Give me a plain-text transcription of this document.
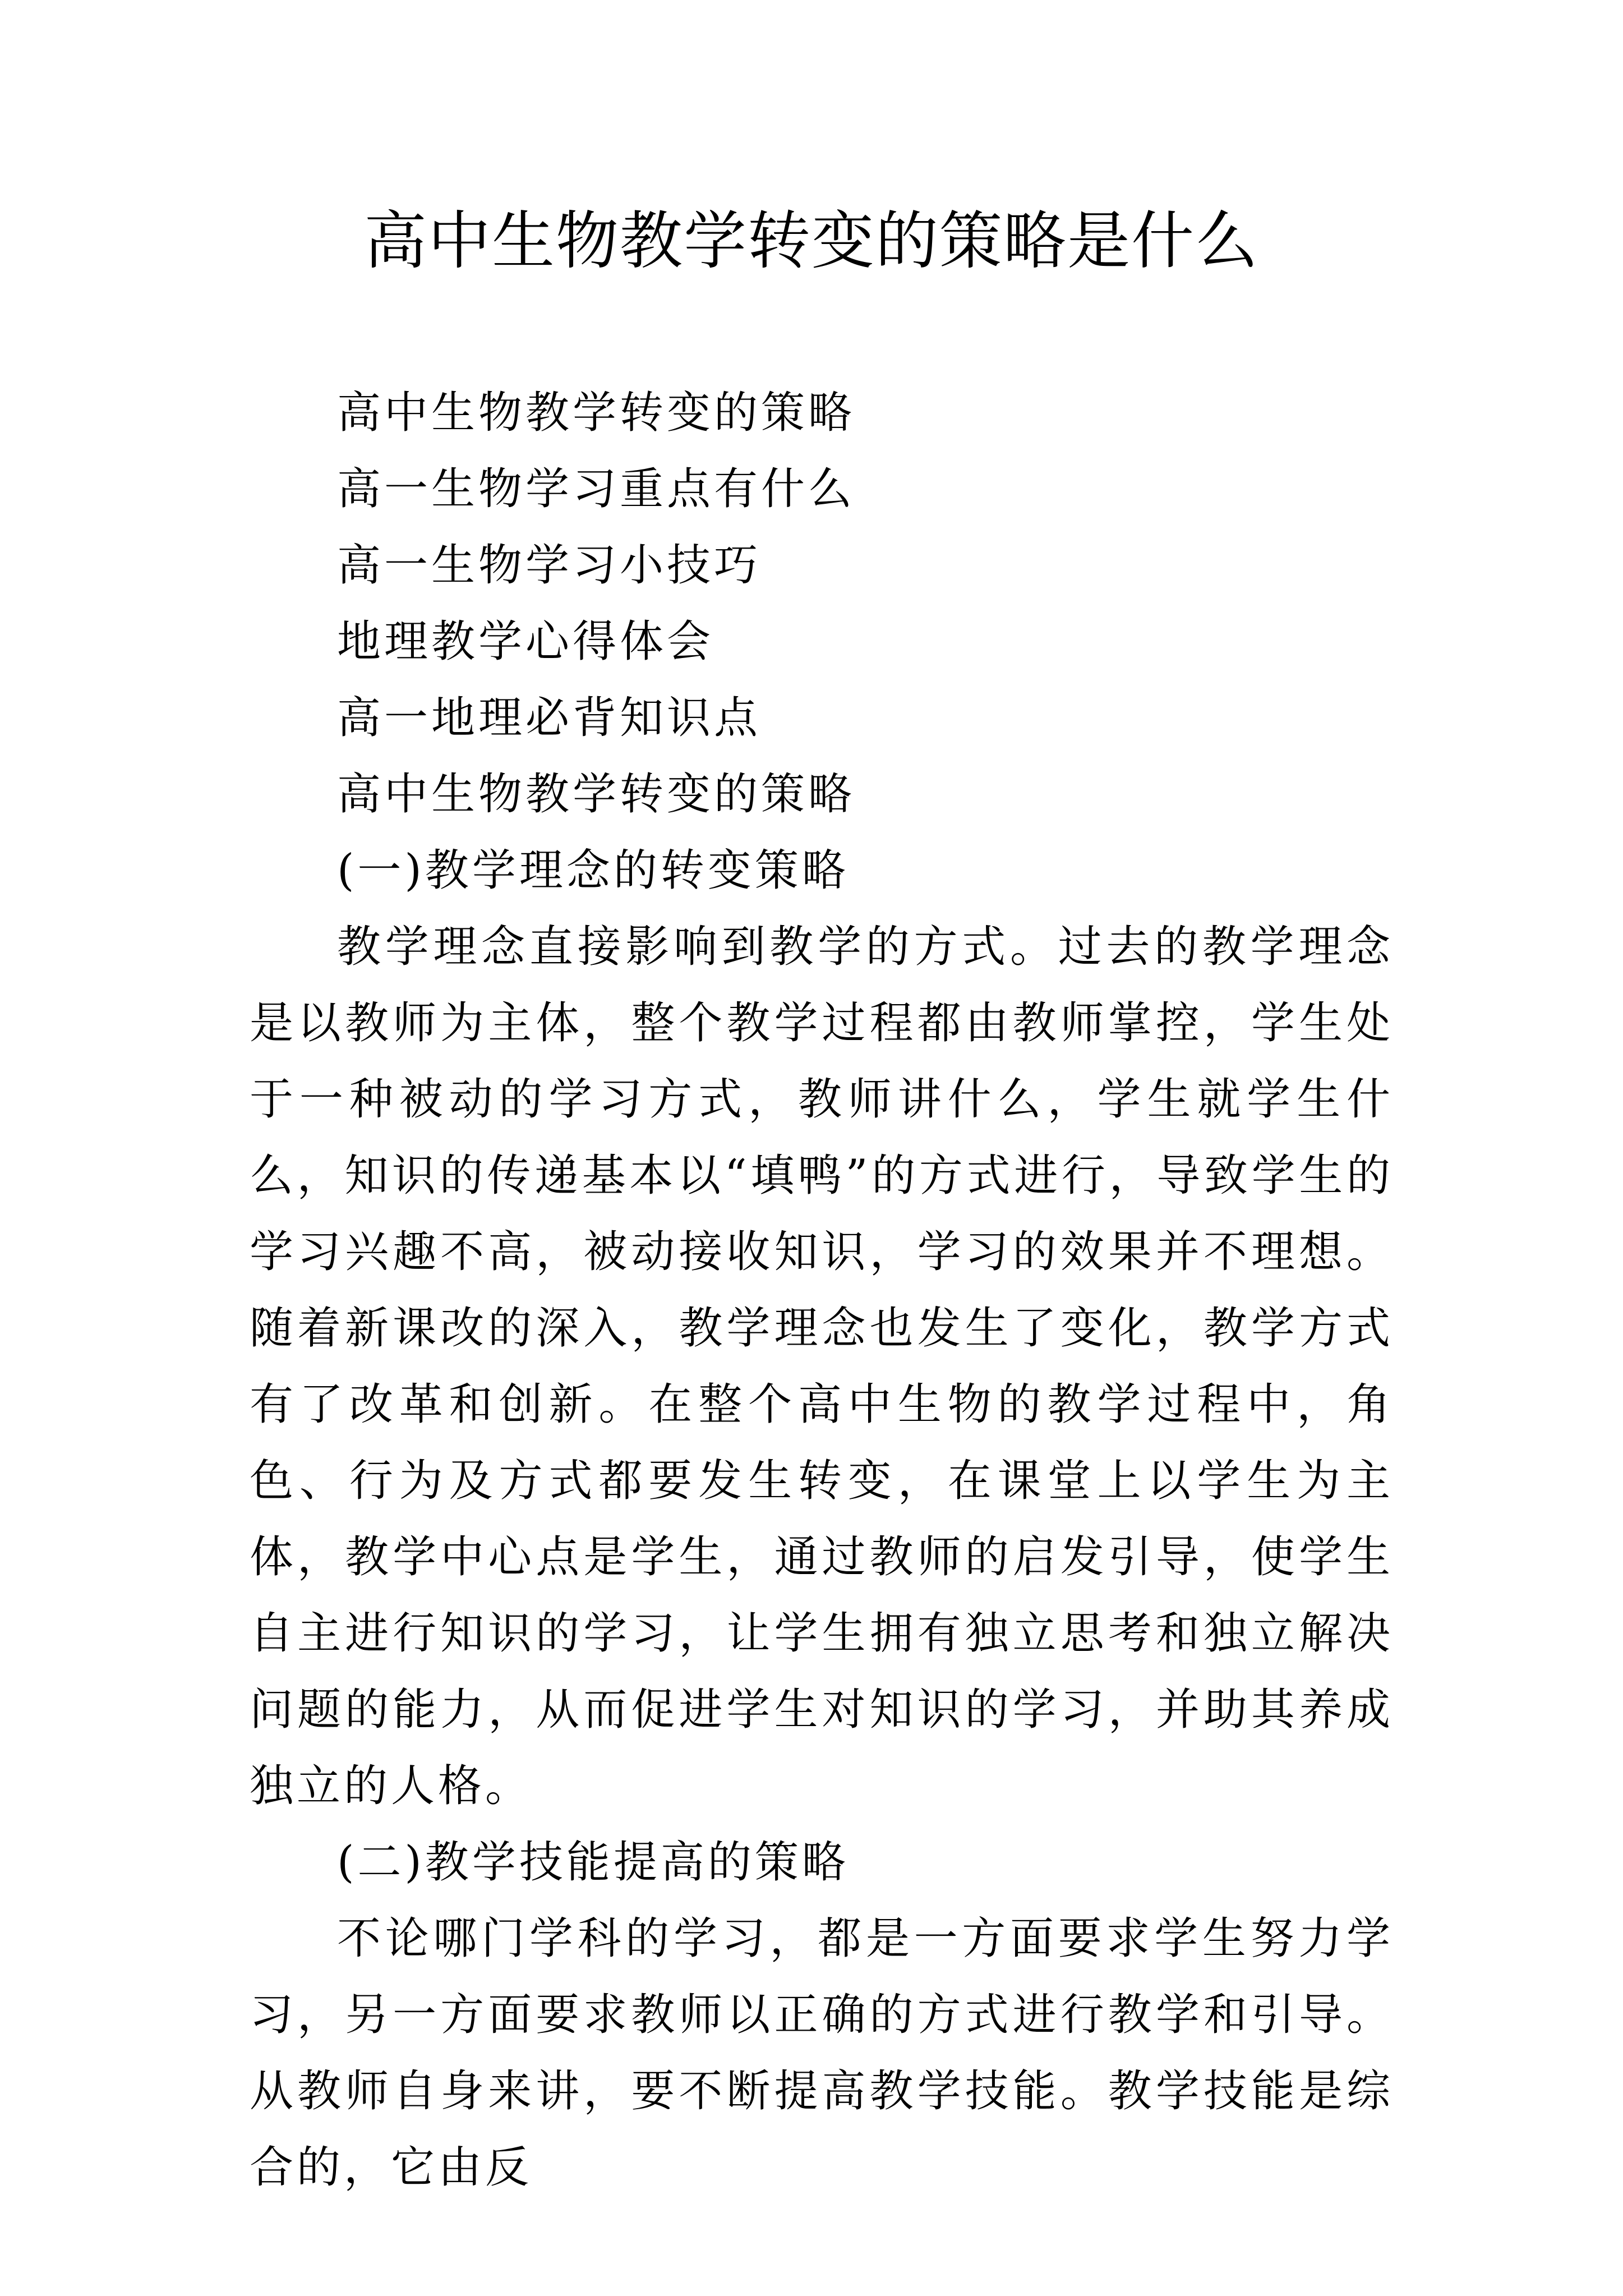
高中生物教学转变的策略是什么

高中生物教学转变的策略

高一生物学习重点有什么

高一生物学习小技巧

地理教学心得体会

高一地理必背知识点

高中生物教学转变的策略

(一)教学理念的转变策略

教学理念直接影响到教学的方式。过去的教学理念是以教师为主体，整个教学过程都由教师掌控，学生处于一种被动的学习方式，教师讲什么，学生就学生什么，知识的传递基本以“填鸭”的方式进行，导致学生的学习兴趣不高，被动接收知识，学习的效果并不理想。随着新课改的深入，教学理念也发生了变化，教学方式有了改革和创新。在整个高中生物的教学过程中，角色、行为及方式都要发生转变，在课堂上以学生为主体，教学中心点是学生，通过教师的启发引导，使学生自主进行知识的学习，让学生拥有独立思考和独立解决问题的能力，从而促进学生对知识的学习，并助其养成独立的人格。

(二)教学技能提高的策略

不论哪门学科的学习，都是一方面要求学生努力学习，另一方面要求教师以正确的方式进行教学和引导。从教师自身来讲，要不断提高教学技能。教学技能是综合的，它由反
